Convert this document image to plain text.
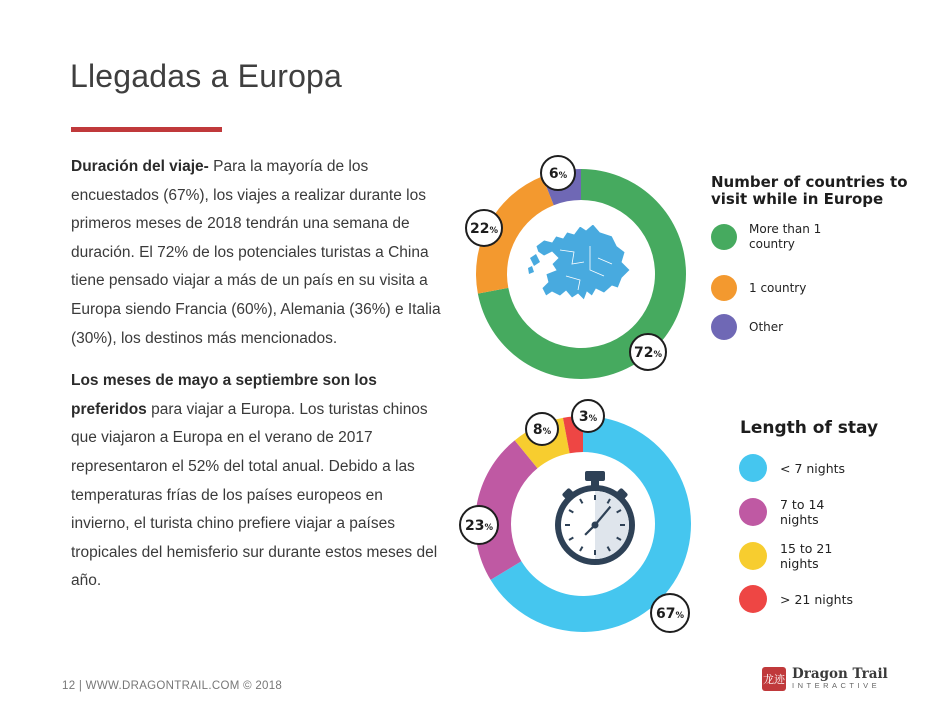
Llegadas a Europa

Duración del viaje- Para la mayoría de los encuestados (67%), los viajes a realizar durante los primeros meses de 2018 tendrán una semana de duración. El 72% de los potenciales turistas a China tiene pensado viajar a más de un país en su visita a Europa siendo Francia (60%), Alemania (36%) e Italia (30%), los destinos más mencionados.

Los meses de mayo a septiembre son los preferidos para viajar a Europa. Los turistas chinos que viajaron a Europa en el verano de 2017 representaron el 52% del total anual. Debido a las temperaturas frías de los países europeos en invierno, el turista chino prefiere viajar a países tropicales del hemisferio sur durante estos meses del año.

72%
22%
6%
67%
23%
8%
3%
Number of countries to visit while in Europe
More than 1 country
1 country
Other
Length of stay
< 7 nights
7 to 14 nights
15 to 21 nights
> 21 nights
12 | WWW.DRAGONTRAIL.COM © 2018	龙迹 Dragon Trail
INTERACTIVE
